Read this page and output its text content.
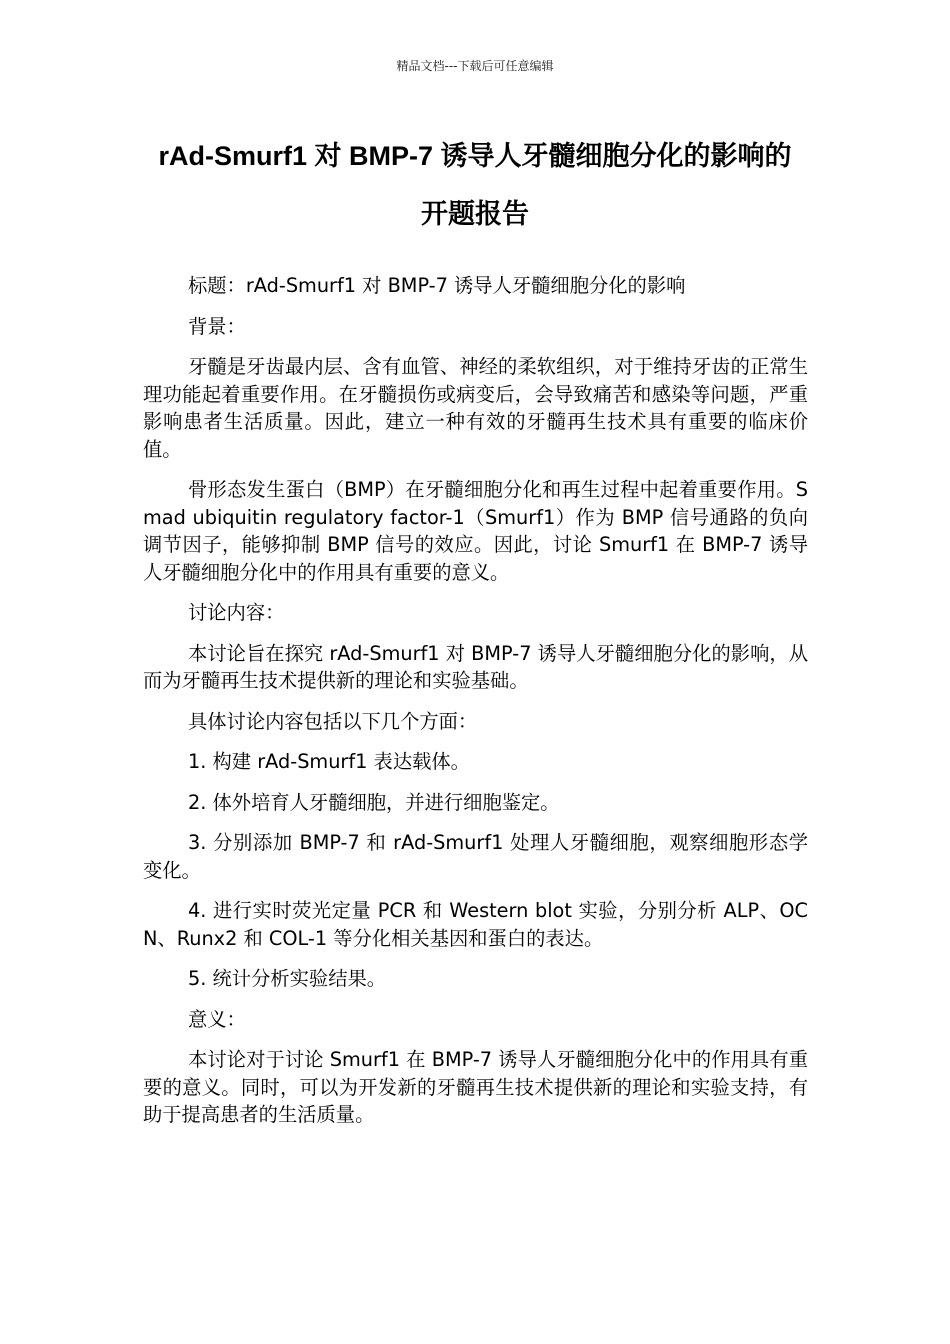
精品文档---下载后可任意编辑
rAd-Smurf1 对 BMP-7 诱导人牙髓细胞分化的影响的
开题报告

标题：rAd-Smurf1 对 BMP-7 诱导人牙髓细胞分化的影响

背景：

牙髓是牙齿最内层、含有血管、神经的柔软组织，对于维持牙齿的正常生理功能起着重要作用。在牙髓损伤或病变后，会导致痛苦和感染等问题，严重影响患者生活质量。因此，建立一种有效的牙髓再生技术具有重要的临床价值。

骨形态发生蛋白（BMP）在牙髓细胞分化和再生过程中起着重要作用。Smad ubiquitin regulatory factor-1（Smurf1）作为 BMP 信号通路的负向调节因子，能够抑制 BMP 信号的效应。因此，讨论 Smurf1 在 BMP-7 诱导人牙髓细胞分化中的作用具有重要的意义。

讨论内容：

本讨论旨在探究 rAd-Smurf1 对 BMP-7 诱导人牙髓细胞分化的影响，从而为牙髓再生技术提供新的理论和实验基础。

具体讨论内容包括以下几个方面：

1. 构建 rAd-Smurf1 表达载体。

2. 体外培育人牙髓细胞，并进行细胞鉴定。

3. 分别添加 BMP-7 和 rAd-Smurf1 处理人牙髓细胞，观察细胞形态学变化。

4. 进行实时荧光定量 PCR 和 Western blot 实验，分别分析 ALP、OCN、Runx2 和 COL-1 等分化相关基因和蛋白的表达。

5. 统计分析实验结果。

意义：

本讨论对于讨论 Smurf1 在 BMP-7 诱导人牙髓细胞分化中的作用具有重要的意义。同时，可以为开发新的牙髓再生技术提供新的理论和实验支持，有助于提高患者的生活质量。
